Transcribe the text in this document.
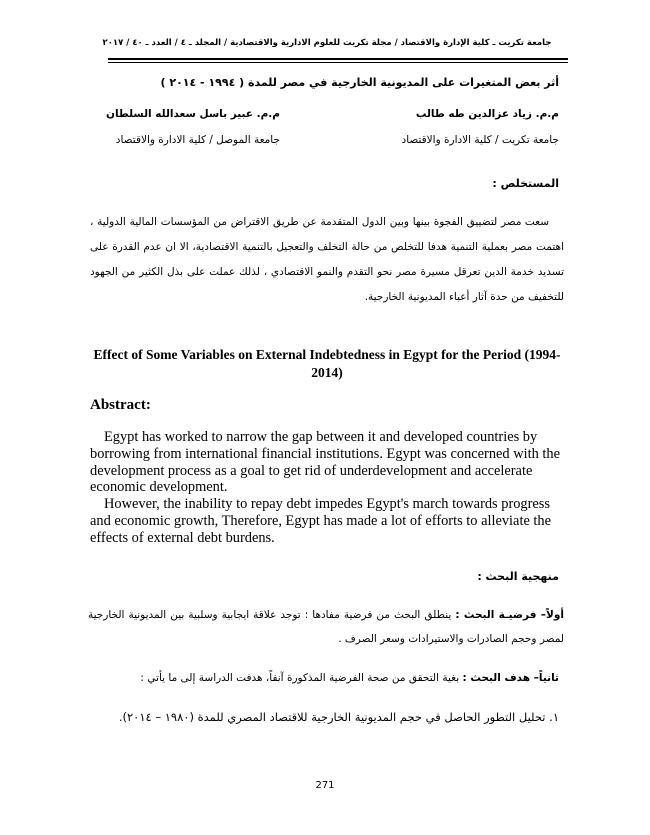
جامعة تكريت ـ كلية الإدارة والاقتصاد / مجلة تكريت للعلوم الادارية والاقتصادية / المجلد ـ ٤ / العدد ـ ٤٠ / ٢٠١٧
أثر بعض المتغيرات على المديونية الخارجية في مصر للمدة ( ١٩٩٤ - ٢٠١٤ )
م.م. زياد عزالدين طه طالب
جامعة تكريت / كلية الادارة والاقتصاد
م.م. عبير باسل سعدالله السلطان
جامعة الموصل / كلية الادارة والاقتصاد
المستخلص :
سعت مصر لتضييق الفجوة بينها وبين الدول المتقدمة عن طريق الاقتراض من المؤسسات المالية الدولية ، اهتمت مصر بعملية التنمية هدفا للتخلص من حالة التخلف والتعجيل بالتنمية الاقتصادية، الا ان عدم القدرة على تسديد خدمة الدين تعرقل مسيرة مصر نحو التقدم والنمو الاقتصادي ، لذلك عملت على بذل الكثير من الجهود للتخفيف من حدة آثار أعباء المديونية الخارجية.
Effect of Some Variables on External Indebtedness in Egypt for the Period (1994-2014)
Abstract:

Egypt has worked to narrow the gap between it and developed countries by borrowing from international financial institutions. Egypt was concerned with the development process as a goal to get rid of underdevelopment and accelerate economic development.

However, the inability to repay debt impedes Egypt's march towards progress and economic growth, Therefore, Egypt has made a lot of efforts to alleviate the effects of external debt burdens.

منهجية البحث :
أولاً– فرضيـة البحث : ينطلق البحث من فرضية مفادها : توجد علاقة ايجابية وسلبية بين المديونية الخارجية لمصر وحجم الصادرات والاستيرادات وسعر الصرف .
ثانياً– هدف البحث : بغية التحقق من صحة الفرضية المذكورة آنفاً، هدفت الدراسة إلى ما يأتي :
١. تحليل التطور الحاصل في حجم المديونية الخارجية للاقتصاد المصري للمدة (١٩٨٠ – ٢٠١٤).
271
